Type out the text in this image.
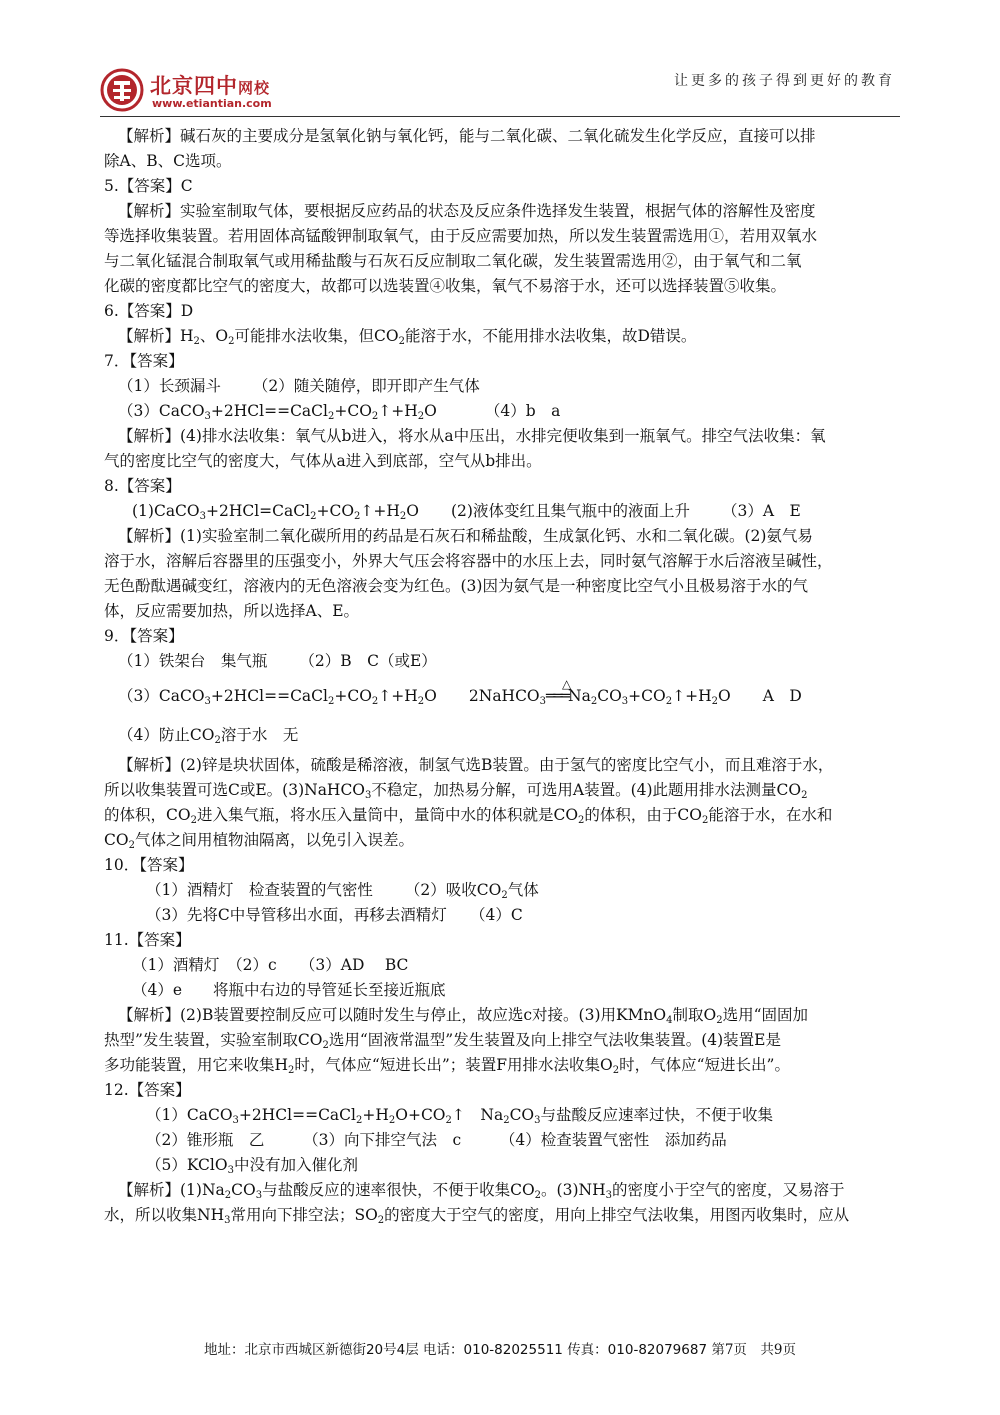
北京四中网校
www.etiantian.com
让更多的孩子得到更好的教育
【解析】碱石灰的主要成分是氢氧化钠与氧化钙，能与二氧化碳、二氧化硫发生化学反应，直接可以排
除A、B、C选项。
5.【答案】C
【解析】实验室制取气体，要根据反应药品的状态及反应条件选择发生装置，根据气体的溶解性及密度
等选择收集装置。若用固体高锰酸钾制取氧气，由于反应需要加热，所以发生装置需选用①，若用双氧水
与二氧化锰混合制取氧气或用稀盐酸与石灰石反应制取二氧化碳，发生装置需选用②，由于氧气和二氧
化碳的密度都比空气的密度大，故都可以选装置④收集，氧气不易溶于水，还可以选择装置⑤收集。
6.【答案】D
【解析】$H_2$、$O_2$可能排水法收集，但$CO_2$能溶于水，不能用排水法收集，故D错误。
7．【答案】
（1）长颈漏斗 （2）随关随停，即开即产生气体
$(3)CaCO_3+2HCl==CaCl_2+CO_2↑+H_2O$	（4）b　a
【解析】(4)排水法收集：氧气从b进入，将水从a中压出，水排完便收集到一瓶氧气。排空气法收集：氧
气的密度比空气的密度大，气体从a进入到底部，空气从b排出。
8.【答案】
$(1)CaCO_3+2HCl=CaCl_2+CO_2↑+H_2O$ (2)液体变红且集气瓶中的液面上升 （3）A　E
【解析】(1)实验室制二氧化碳所用的药品是石灰石和稀盐酸，生成氯化钙、水和二氧化碳。(2)氨气易
溶于水，溶解后容器里的压强变小，外界大气压会将容器中的水压上去，同时氨气溶解于水后溶液呈碱性，
无色酚酞遇碱变红，溶液内的无色溶液会变为红色。(3)因为氨气是一种密度比空气小且极易溶于水的气
体，反应需要加热，所以选择A、E。
9．【答案】
（1）铁架台　集气瓶 （2）B　C（或E）
$(3)CaCO_3+2HCl==CaCl_2+CO_2↑+H_2O$ 2NaHCO$_3$
△
$═══Na_2CO_3+CO_2↑+H_2O$ A　D
（4）防止$CO_2$溶于水　无
【解析】(2)锌是块状固体，硫酸是稀溶液，制氢气选B装置。由于氢气的密度比空气小，而且难溶于水，
所以收集装置可选C或E。(3)NaHCO$_3$不稳定，加热易分解，可选用A装置。(4)此题用排水法测量$CO_2$
的体积，$CO_2$进入集气瓶，将水压入量筒中，量筒中水的体积就是$CO_2$的体积，由于$CO_2$能溶于水，在水和
$CO_2$气体之间用植物油隔离，以免引入误差。
10．【答案】
（1）酒精灯　检查装置的气密性 （2）吸收$CO_2$气体
（3）先将C中导管移出水面，再移去酒精灯　　（4）C
11.【答案】
（1）酒精灯　（2）c　　（3）AD　 BC
（4）e　　将瓶中右边的导管延长至接近瓶底
【解析】(2)B装置要控制反应可以随时发生与停止，故应选c对接。(3)用KMnO$_4$制取$O_2$选用“固固加
热型”发生装置，实验室制取$CO_2$选用“固液常温型”发生装置及向上排空气法收集装置。(4)装置E是
多功能装置，用它来收集$H_2$时，气体应“短进长出”；装置F用排水法收集$O_2$时，气体应“短进长出”。
12.【答案】
$(1)CaCO_3+2HCl==CaCl_2+H_2O+CO_2↑$　$Na_2CO_3$与盐酸反应速率过快，不便于收集
（2）锥形瓶　乙　　　（3）向下排空气法　c　　　（4）检查装置气密性　添加药品
（5）KClO$_3$中没有加入催化剂
【解析】$(1)Na_2CO_3$与盐酸反应的速率很快，不便于收集$CO_2$。$(3)NH_3$的密度小于空气的密度，又易溶于
水，所以收集$NH_3$常用向下排空法；$SO_2$的密度大于空气的密度，用向上排空气法收集，用图丙收集时，应从
地址：北京市西城区新德街20号4层 电话：010-82025511 传真：010-82079687 第7页　共9页
